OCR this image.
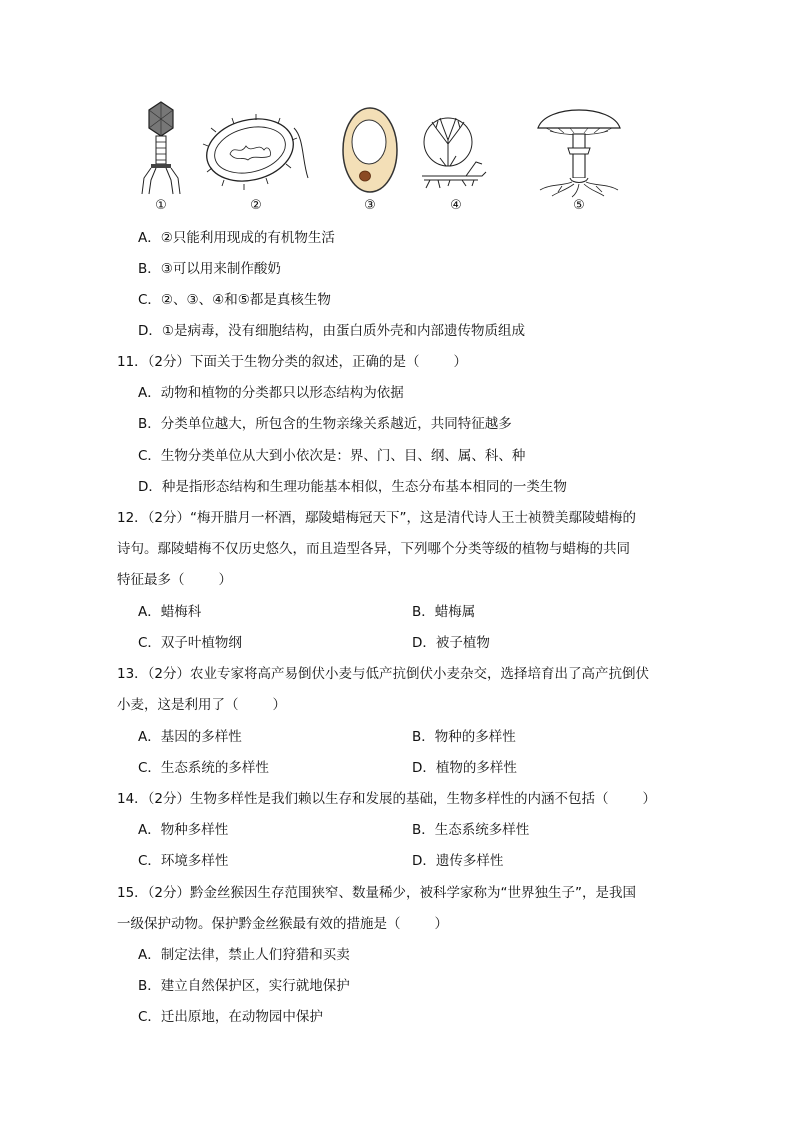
①	②	③	④	⑤
A．②只能利用现成的有机物生活
B．③可以用来制作酸奶
C．②、③、④和⑤都是真核生物
D．①是病毒，没有细胞结构，由蛋白质外壳和内部遗传物质组成
11．（2分）下面关于生物分类的叙述，正确的是（	）
A．动物和植物的分类都只以形态结构为依据
B．分类单位越大，所包含的生物亲缘关系越近，共同特征越多
C．生物分类单位从大到小依次是：界、门、目、纲、属、科、种
D．种是指形态结构和生理功能基本相似，生态分布基本相同的一类生物
12．（2分）“梅开腊月一杯酒，鄢陵蜡梅冠天下”，这是清代诗人王士祯赞美鄢陵蜡梅的
诗句。鄢陵蜡梅不仅历史悠久，而且造型各异，下列哪个分类等级的植物与蜡梅的共同
特征最多（	）
A．蜡梅科	B．蜡梅属
C．双子叶植物纲	D．被子植物
13．（2分）农业专家将高产易倒伏小麦与低产抗倒伏小麦杂交，选择培育出了高产抗倒伏
小麦，这是利用了（	）
A．基因的多样性	B．物种的多样性
C．生态系统的多样性	D．植物的多样性
14．（2分）生物多样性是我们赖以生存和发展的基础，生物多样性的内涵不包括（	）
A．物种多样性	B．生态系统多样性
C．环境多样性	D．遗传多样性
15．（2分）黔金丝猴因生存范围狭窄、数量稀少，被科学家称为“世界独生子”，是我国
一级保护动物。保护黔金丝猴最有效的措施是（	）
A．制定法律，禁止人们狩猎和买卖
B．建立自然保护区，实行就地保护
C．迁出原地，在动物园中保护
